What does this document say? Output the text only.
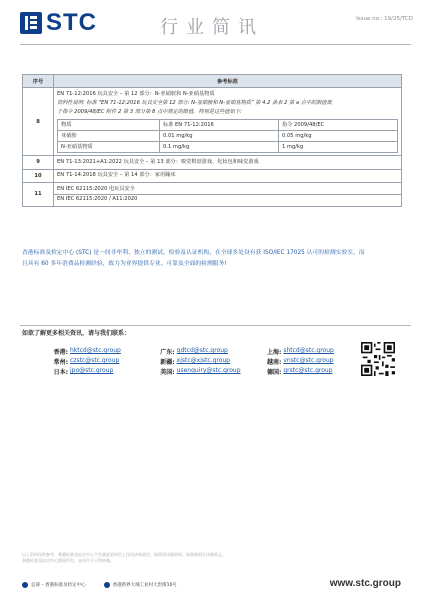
STC	行业简讯	Issue no.: 19/25/TCD
序号	参考标准
8	
EN 71-12:2016 玩具安全 – 第 12 部分：N-亚硝胺和 N-亚硝基物质
资料性说明: 标准 “EN 71-12:2016 玩具安全第 12 部分: N-亚硝胺和 N-亚硝基物质” 第 4.2 条表 2 第 a 点中的限值低
于指令 2009/48/EC 附件 2 第 3 部分第 8 点中规定的限值。特别是这些值如下:
物质	标准 EN 71-12:2016	指令 2009/48/EC
亚硝胺	0.01 mg/kg	0.05 mg/kg
N-亚硝基物质	0.1 mg/kg	1 mg/kg

9	EN 71-13:2021+A1:2022 玩具安全 – 第 13 部分：嗅觉棋盘游戏、化妆包和味觉游戏
10	EN 71-14:2018 玩具安全 – 第 14 部分：家用蹦床
11	
EN IEC 62115:2020 电玩具安全
EN IEC 62115:2020 / A11:2020
香港标准及检定中心 (STC) 是一间非牟利、独立的测试、检验及认证机构，在全球多处设有获 ISO/IEC 17025 认可的检测实验室，而
且具有 60 多年消费品检测经验，致力为业界提供专业、可靠及全面的检测服务!
如欲了解更多相关资讯，请与我们联系：
香港: hktcd@stc.group	广东: gdtcd@stc.group	上海: shtcd@stc.group
常州: czstc@stc.group	新疆: xjstc@xjstc.group	越南: vnstc@stc.group
日本: jpo@stc.group	美国: usenquiry@stc.group	德国: grstc@stc.group
以上资料仅供参考，香港标准及检定中心不会就此资料负上任何法律责任，如需更详细资料，请查阅相关法规原文。
香港标准及检定中心版权所有，未经许可不得转载。
总部 – 香港标准及检定中心	香港新界大埔工业村大贵街10号	www.stc.group
